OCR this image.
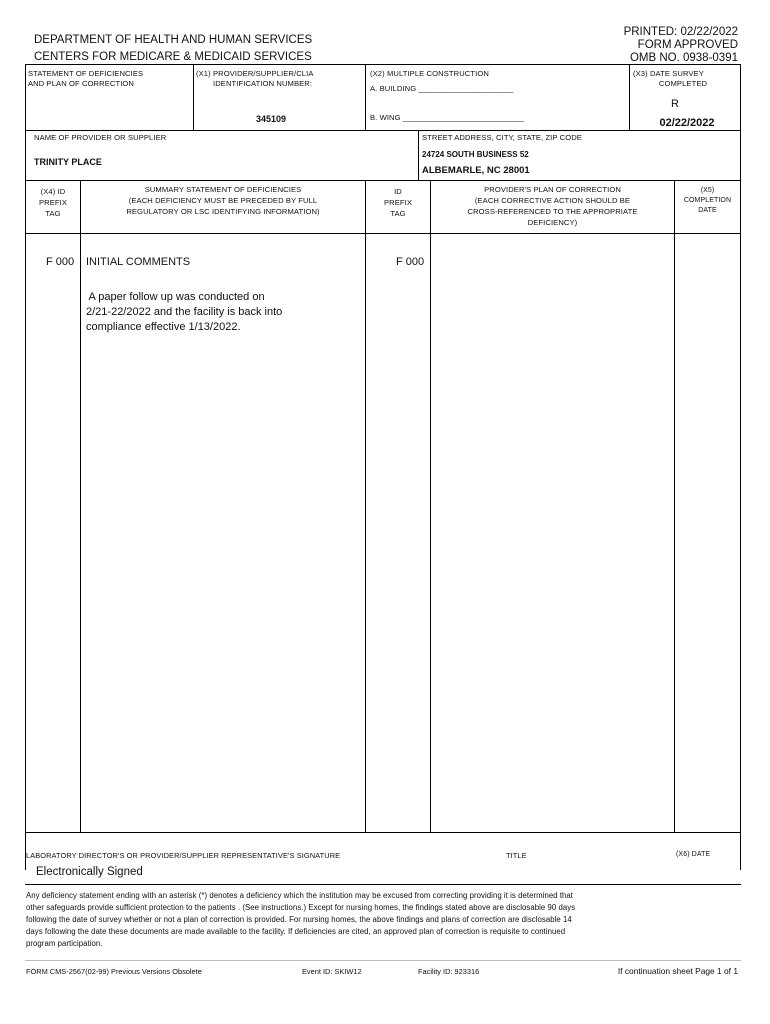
DEPARTMENT OF HEALTH AND HUMAN SERVICES
CENTERS FOR MEDICARE & MEDICAID SERVICES
PRINTED: 02/22/2022
FORM APPROVED
OMB NO. 0938-0391
STATEMENT OF DEFICIENCIES
AND PLAN OF CORRECTION
(X1) PROVIDER/SUPPLIER/CLIA
IDENTIFICATION NUMBER:
345109
(X2) MULTIPLE CONSTRUCTION
A. BUILDING ______________________
B. WING ____________________________
(X3) DATE SURVEY
COMPLETED
R
02/22/2022
NAME OF PROVIDER OR SUPPLIER
TRINITY PLACE
STREET ADDRESS, CITY, STATE, ZIP CODE
24724 SOUTH BUSINESS 52
ALBEMARLE, NC 28001
(X4) ID
PREFIX
TAG
SUMMARY STATEMENT OF DEFICIENCIES
(EACH DEFICIENCY MUST BE PRECEDED BY FULL
REGULATORY OR LSC IDENTIFYING INFORMATION)
ID
PREFIX
TAG
PROVIDER'S PLAN OF CORRECTION
(EACH CORRECTIVE ACTION SHOULD BE
CROSS-REFERENCED TO THE APPROPRIATE
DEFICIENCY)
(X5)
COMPLETION
DATE
F 000 INITIAL COMMENTS	F 000
A paper follow up was conducted on
2/21-22/2022 and the facility is back into
compliance effective 1/13/2022.
LABORATORY DIRECTOR'S OR PROVIDER/SUPPLIER REPRESENTATIVE'S SIGNATURE	TITLE	(X6) DATE
Electronically Signed
Any deficiency statement ending with an asterisk (*) denotes a deficiency which the institution may be excused from correcting providing it is determined that
other safeguards provide sufficient protection to the patients . (See instructions.) Except for nursing homes, the findings stated above are disclosable 90 days
following the date of survey whether or not a plan of correction is provided. For nursing homes, the above findings and plans of correction are disclosable 14
days following the date these documents are made available to the facility. If deficiencies are cited, an approved plan of correction is requisite to continued
program participation.
FORM CMS-2567(02-99) Previous Versions Obsolete	Event ID: SKIW12	Facility ID: 923316	If continuation sheet Page 1 of 1
